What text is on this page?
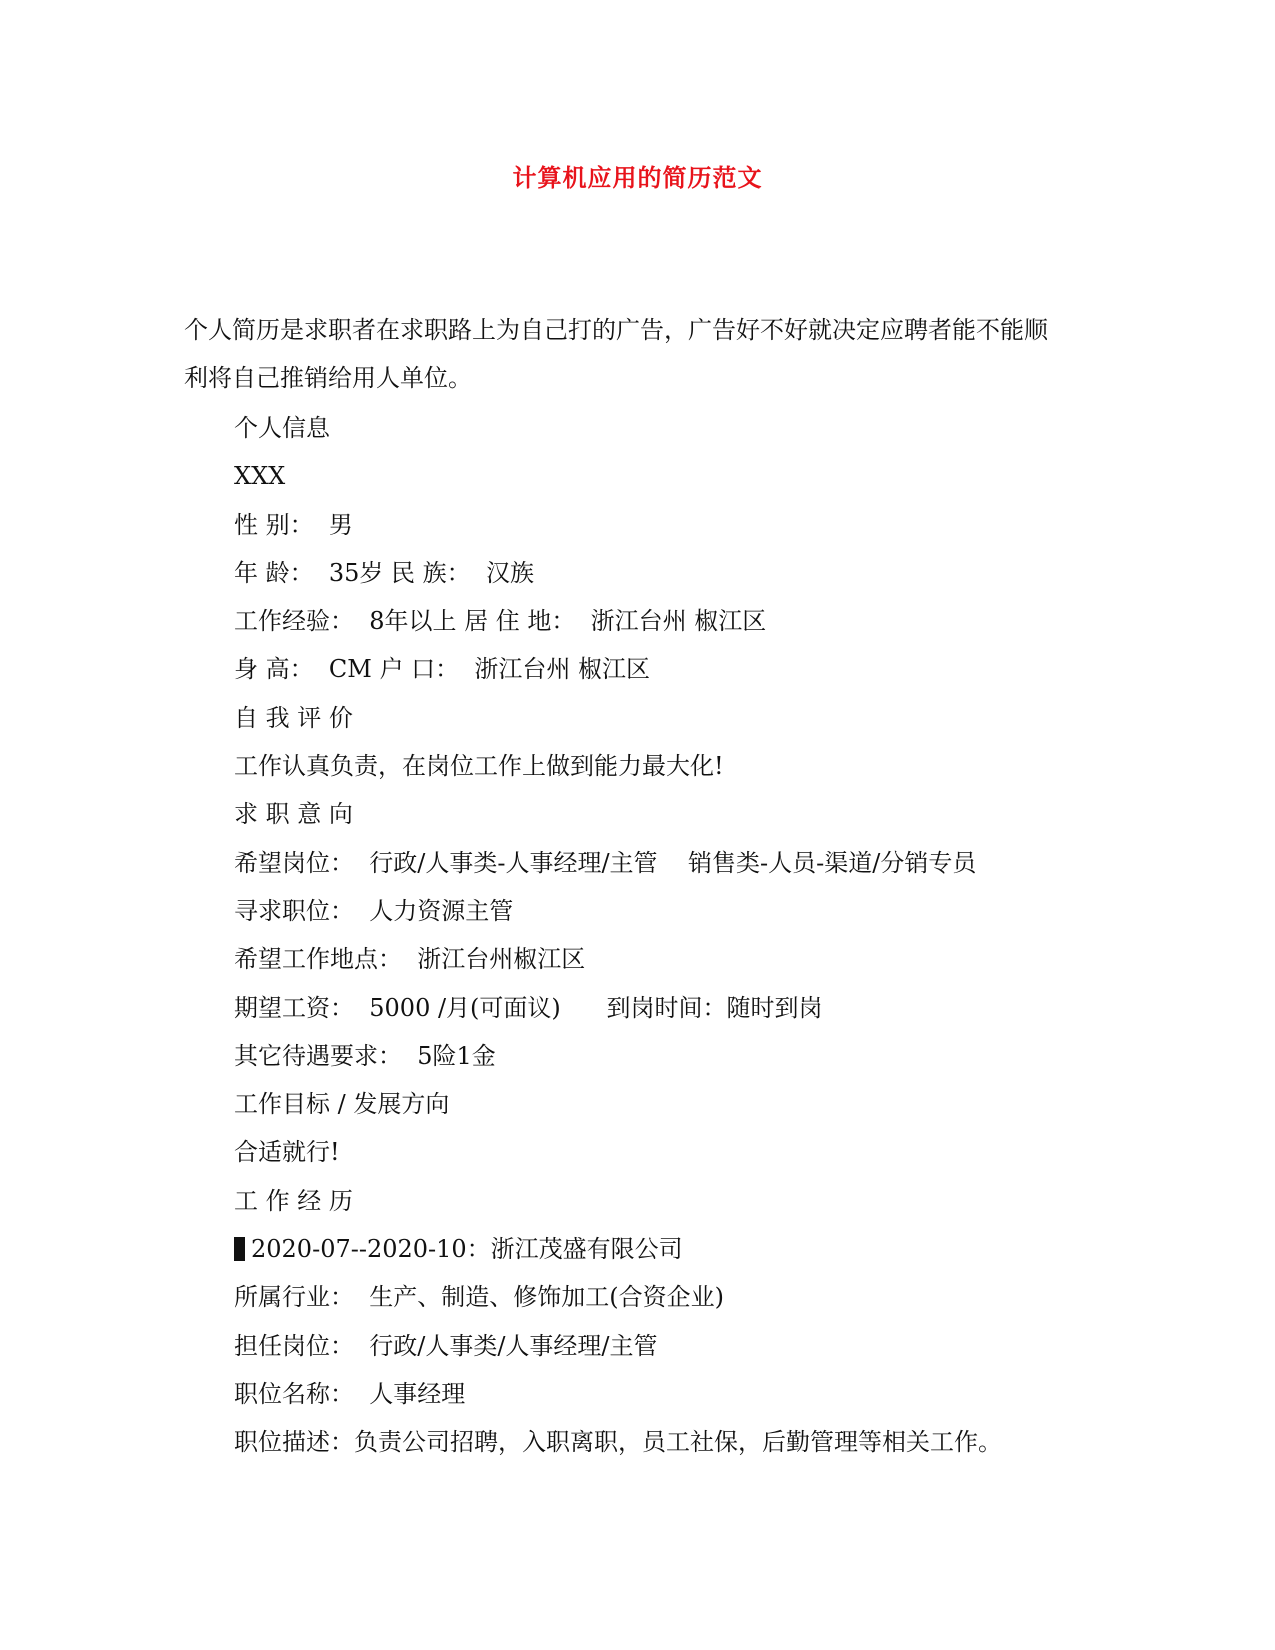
计算机应用的简历范文
个人简历是求职者在求职路上为自己打的广告，广告好不好就决定应聘者能不能顺
利将自己推销给用人单位。
个人信息
XXX
性 别：  男
年 龄：  35岁 民 族：  汉族
工作经验：  8年以上 居 住 地：  浙江台州 椒江区
身 高：  CM 户 口：  浙江台州 椒江区
自 我 评 价
工作认真负责，在岗位工作上做到能力最大化!
求 职 意 向
希望岗位：  行政/人事类-人事经理/主管    销售类-人员-渠道/分销专员
寻求职位：  人力资源主管
希望工作地点：  浙江台州椒江区
期望工资：  5000 /月(可面议)      到岗时间：随时到岗
其它待遇要求：  5险1金
工作目标 / 发展方向
合适就行!
工 作 经 历
2020-07--2020-10：浙江茂盛有限公司
所属行业：  生产、制造、修饰加工(合资企业)
担任岗位：  行政/人事类/人事经理/主管
职位名称：  人事经理
职位描述：负责公司招聘，入职离职，员工社保，后勤管理等相关工作。
